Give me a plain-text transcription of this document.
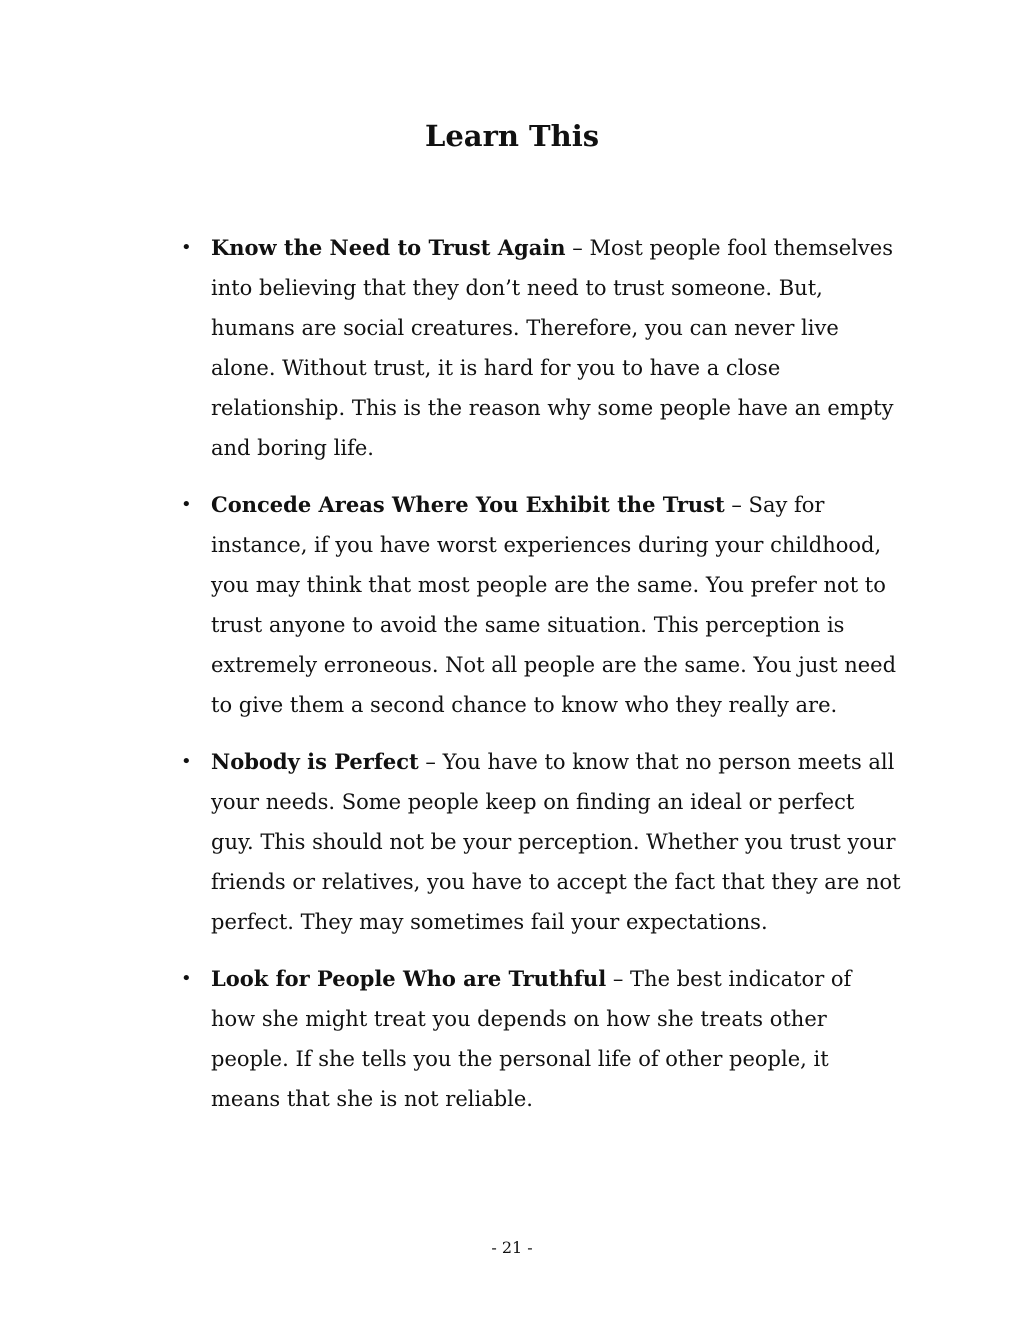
Learn This
• Know the Need to Trust Again – Most people fool themselves into believing that they don’t need to trust someone. But, humans are social creatures. Therefore, you can never live alone. Without trust, it is hard for you to have a close relationship. This is the reason why some people have an empty and boring life.
• Concede Areas Where You Exhibit the Trust – Say for instance, if you have worst experiences during your childhood, you may think that most people are the same. You prefer not to trust anyone to avoid the same situation. This perception is extremely erroneous. Not all people are the same. You just need to give them a second chance to know who they really are.
• Nobody is Perfect – You have to know that no person meets all your needs. Some people keep on finding an ideal or perfect guy. This should not be your perception. Whether you trust your friends or relatives, you have to accept the fact that they are not perfect. They may sometimes fail your expectations.
• Look for People Who are Truthful – The best indicator of how she might treat you depends on how she treats other people. If she tells you the personal life of other people, it means that she is not reliable.
- 21 -
